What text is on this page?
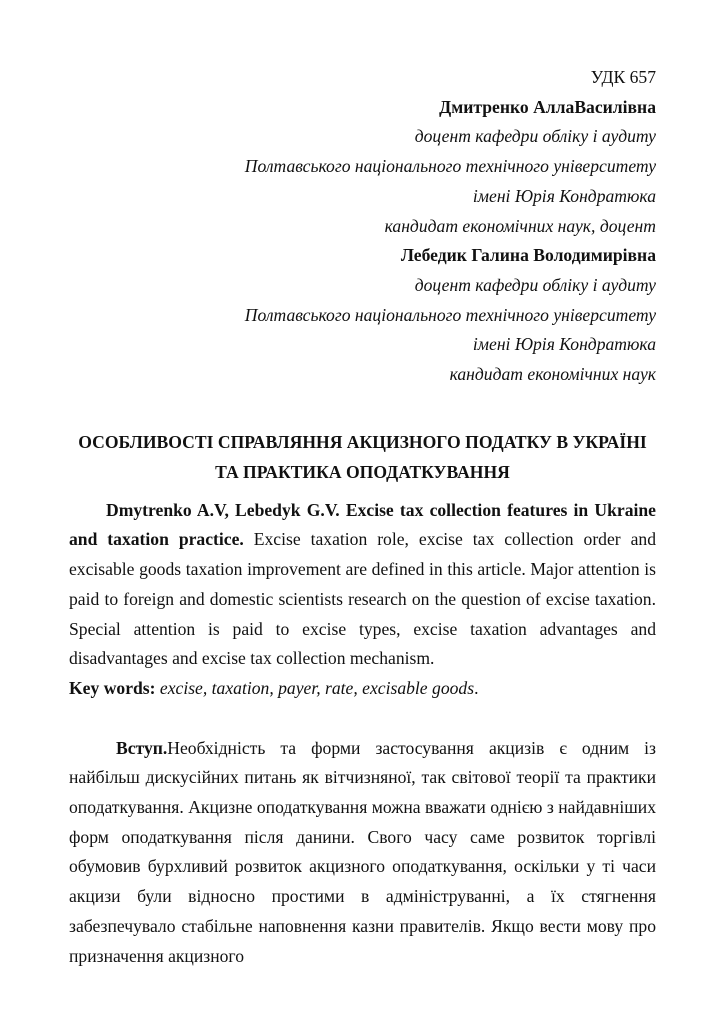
УДК 657
Дмитренко АллаВасилівна
доцент кафедри обліку і аудиту
Полтавського національного технічного університету
імені Юрія Кондратюка
кандидат економічних наук, доцент
Лебедик Галина Володимирівна
доцент кафедри обліку і аудиту
Полтавського національного технічного університету
імені Юрія Кондратюка
кандидат економічних наук
ОСОБЛИВОСТІ СПРАВЛЯННЯ АКЦИЗНОГО ПОДАТКУ В УКРАЇНІ
ТА ПРАКТИКА ОПОДАТКУВАННЯ

Dmytrenko A.V, Lebedyk G.V. Excise tax collection features in Ukraine and taxation practice. Excise taxation role, excise tax collection order and excisable goods taxation improvement are defined in this article. Major attention is paid to foreign and domestic scientists research on the question of excise taxation. Special attention is paid to excise types, excise taxation advantages and disadvantages and excise tax collection mechanism.

Key words: excise, taxation, payer, rate, excisable goods.

Вступ.Необхідність та форми застосування акцизів є одним із найбільш дискусійних питань як вітчизняної, так світової теорії та практики оподаткування. Акцизне оподаткування можна вважати однією з найдавніших форм оподаткування після данини. Свого часу саме розвиток торгівлі обумовив бурхливий розвиток акцизного оподаткування, оскільки у ті часи акцизи були відносно простими в адмініструванні, а їх стягнення забезпечувало стабільне наповнення казни правителів. Якщо вести мову про призначення акцизного
